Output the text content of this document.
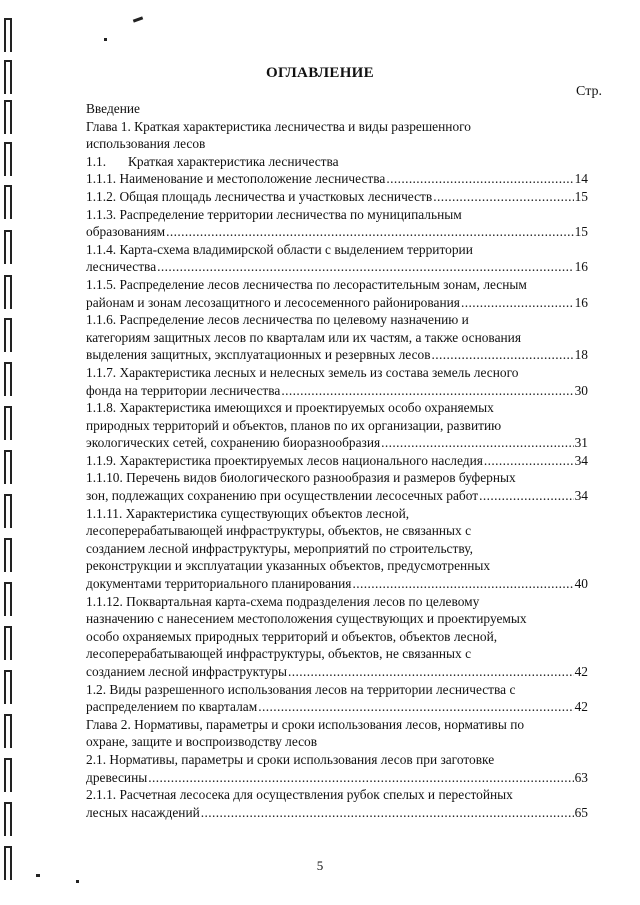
ОГЛАВЛЕНИЕ
Стр.
Введение
Глава 1. Краткая характеристика лесничества и виды разрешенного
использования лесов
1.1. Краткая характеристика лесничества
1.1.1. Наименование и местоположение лесничества .....	14
1.1.2. Общая площадь лесничества и участковых лесничеств .....	15
1.1.3. Распределение территории лесничества по муниципальным
образованиям .....	15
1.1.4. Карта-схема владимирской области с выделением территории
лесничества .....	16
1.1.5. Распределение лесов лесничества по лесорастительным зонам, лесным
районам и зонам лесозащитного и лесосеменного районирования .....	16
1.1.6. Распределение лесов лесничества по целевому назначению и
категориям защитных лесов по кварталам или их частям, а также основания
выделения защитных, эксплуатационных и резервных лесов .....	18
1.1.7. Характеристика лесных и нелесных земель из состава земель лесного
фонда на территории лесничества .....	30
1.1.8. Характеристика имеющихся и проектируемых особо охраняемых
природных территорий и объектов, планов по их организации, развитию
экологических сетей, сохранению биоразнообразия .....	31
1.1.9. Характеристика проектируемых лесов национального наследия .....	34
1.1.10. Перечень видов биологического разнообразия и размеров буферных
зон, подлежащих сохранению при осуществлении лесосечных работ .....	34
1.1.11. Характеристика существующих объектов лесной,
лесоперерабатывающей инфраструктуры, объектов, не связанных с
созданием лесной инфраструктуры, мероприятий по строительству,
реконструкции и эксплуатации указанных объектов, предусмотренных
документами территориального планирования .....	40
1.1.12. Поквартальная карта-схема подразделения лесов по целевому
назначению с нанесением местоположения существующих и проектируемых
особо охраняемых природных территорий и объектов, объектов лесной,
лесоперерабатывающей инфраструктуры, объектов, не связанных с
созданием лесной инфраструктуры .....	42
1.2. Виды разрешенного использования лесов на территории лесничества с
распределением по кварталам .....	42
Глава 2. Нормативы, параметры и сроки использования лесов, нормативы по
охране, защите и воспроизводству лесов
2.1. Нормативы, параметры и сроки использования лесов при заготовке
древесины .....	63
2.1.1. Расчетная лесосека для осуществления рубок спелых и перестойных
лесных насаждений .....	65
5
